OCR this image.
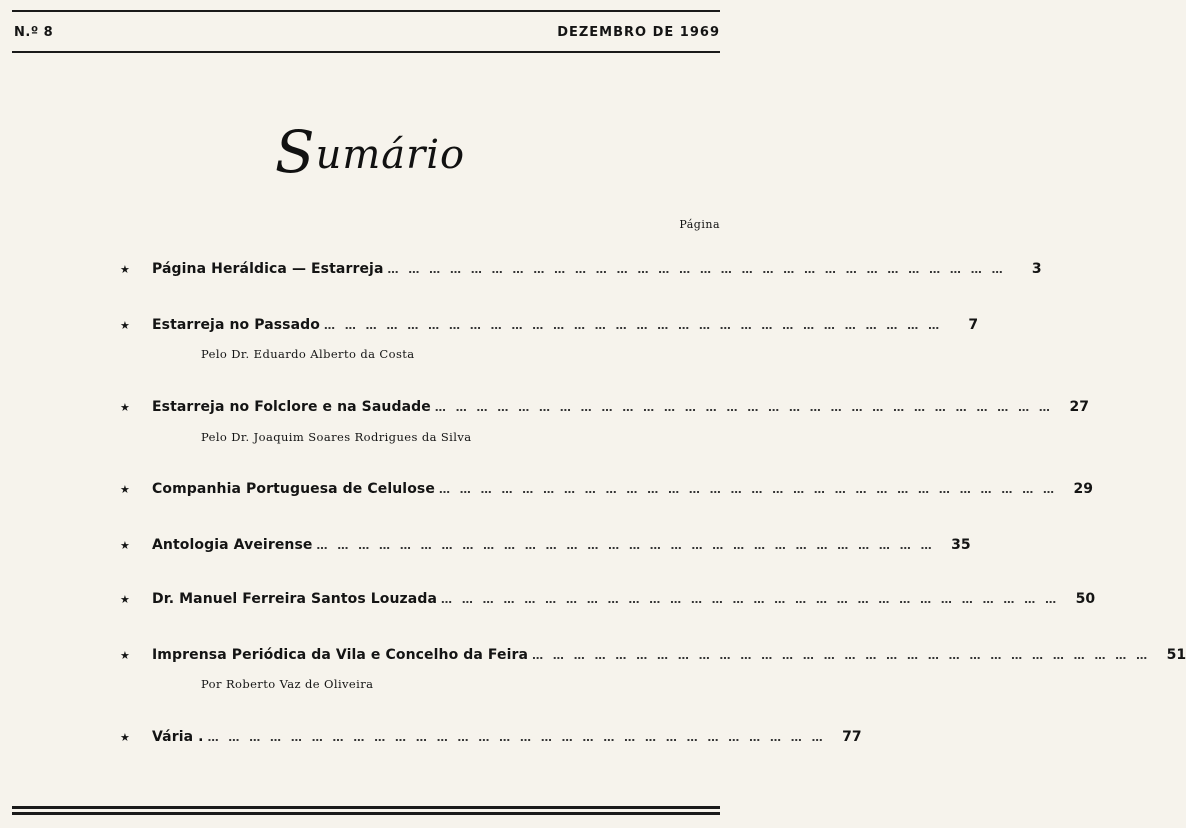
N.º 8	DEZEMBRO DE 1969
Sumário
Página
★	Página Heráldica — Estarreja … … … … … … … … … … … … … … … … … … … … … … … … … … … … … …	3
★	Estarreja no Passado … … … … … … … … … … … … … … … … … … … … … … … … … … … … … …	7
Pelo Dr. Eduardo Alberto da Costa
★	Estarreja no Folclore e na Saudade … … … … … … … … … … … … … … … … … … … … … … … … … … … … … …	27
Pelo Dr. Joaquim Soares Rodrigues da Silva
★	Companhia Portuguesa de Celulose … … … … … … … … … … … … … … … … … … … … … … … … … … … … … …	29
★	Antologia Aveirense … … … … … … … … … … … … … … … … … … … … … … … … … … … … … …	35
★	Dr. Manuel Ferreira Santos Louzada … … … … … … … … … … … … … … … … … … … … … … … … … … … … … …	50
★	Imprensa Periódica da Vila e Concelho da Feira … … … … … … … … … … … … … … … … … … … … … … … … … … … … … …	51
Por Roberto Vaz de Oliveira
★	Vária . … … … … … … … … … … … … … … … … … … … … … … … … … … … … … …	77
